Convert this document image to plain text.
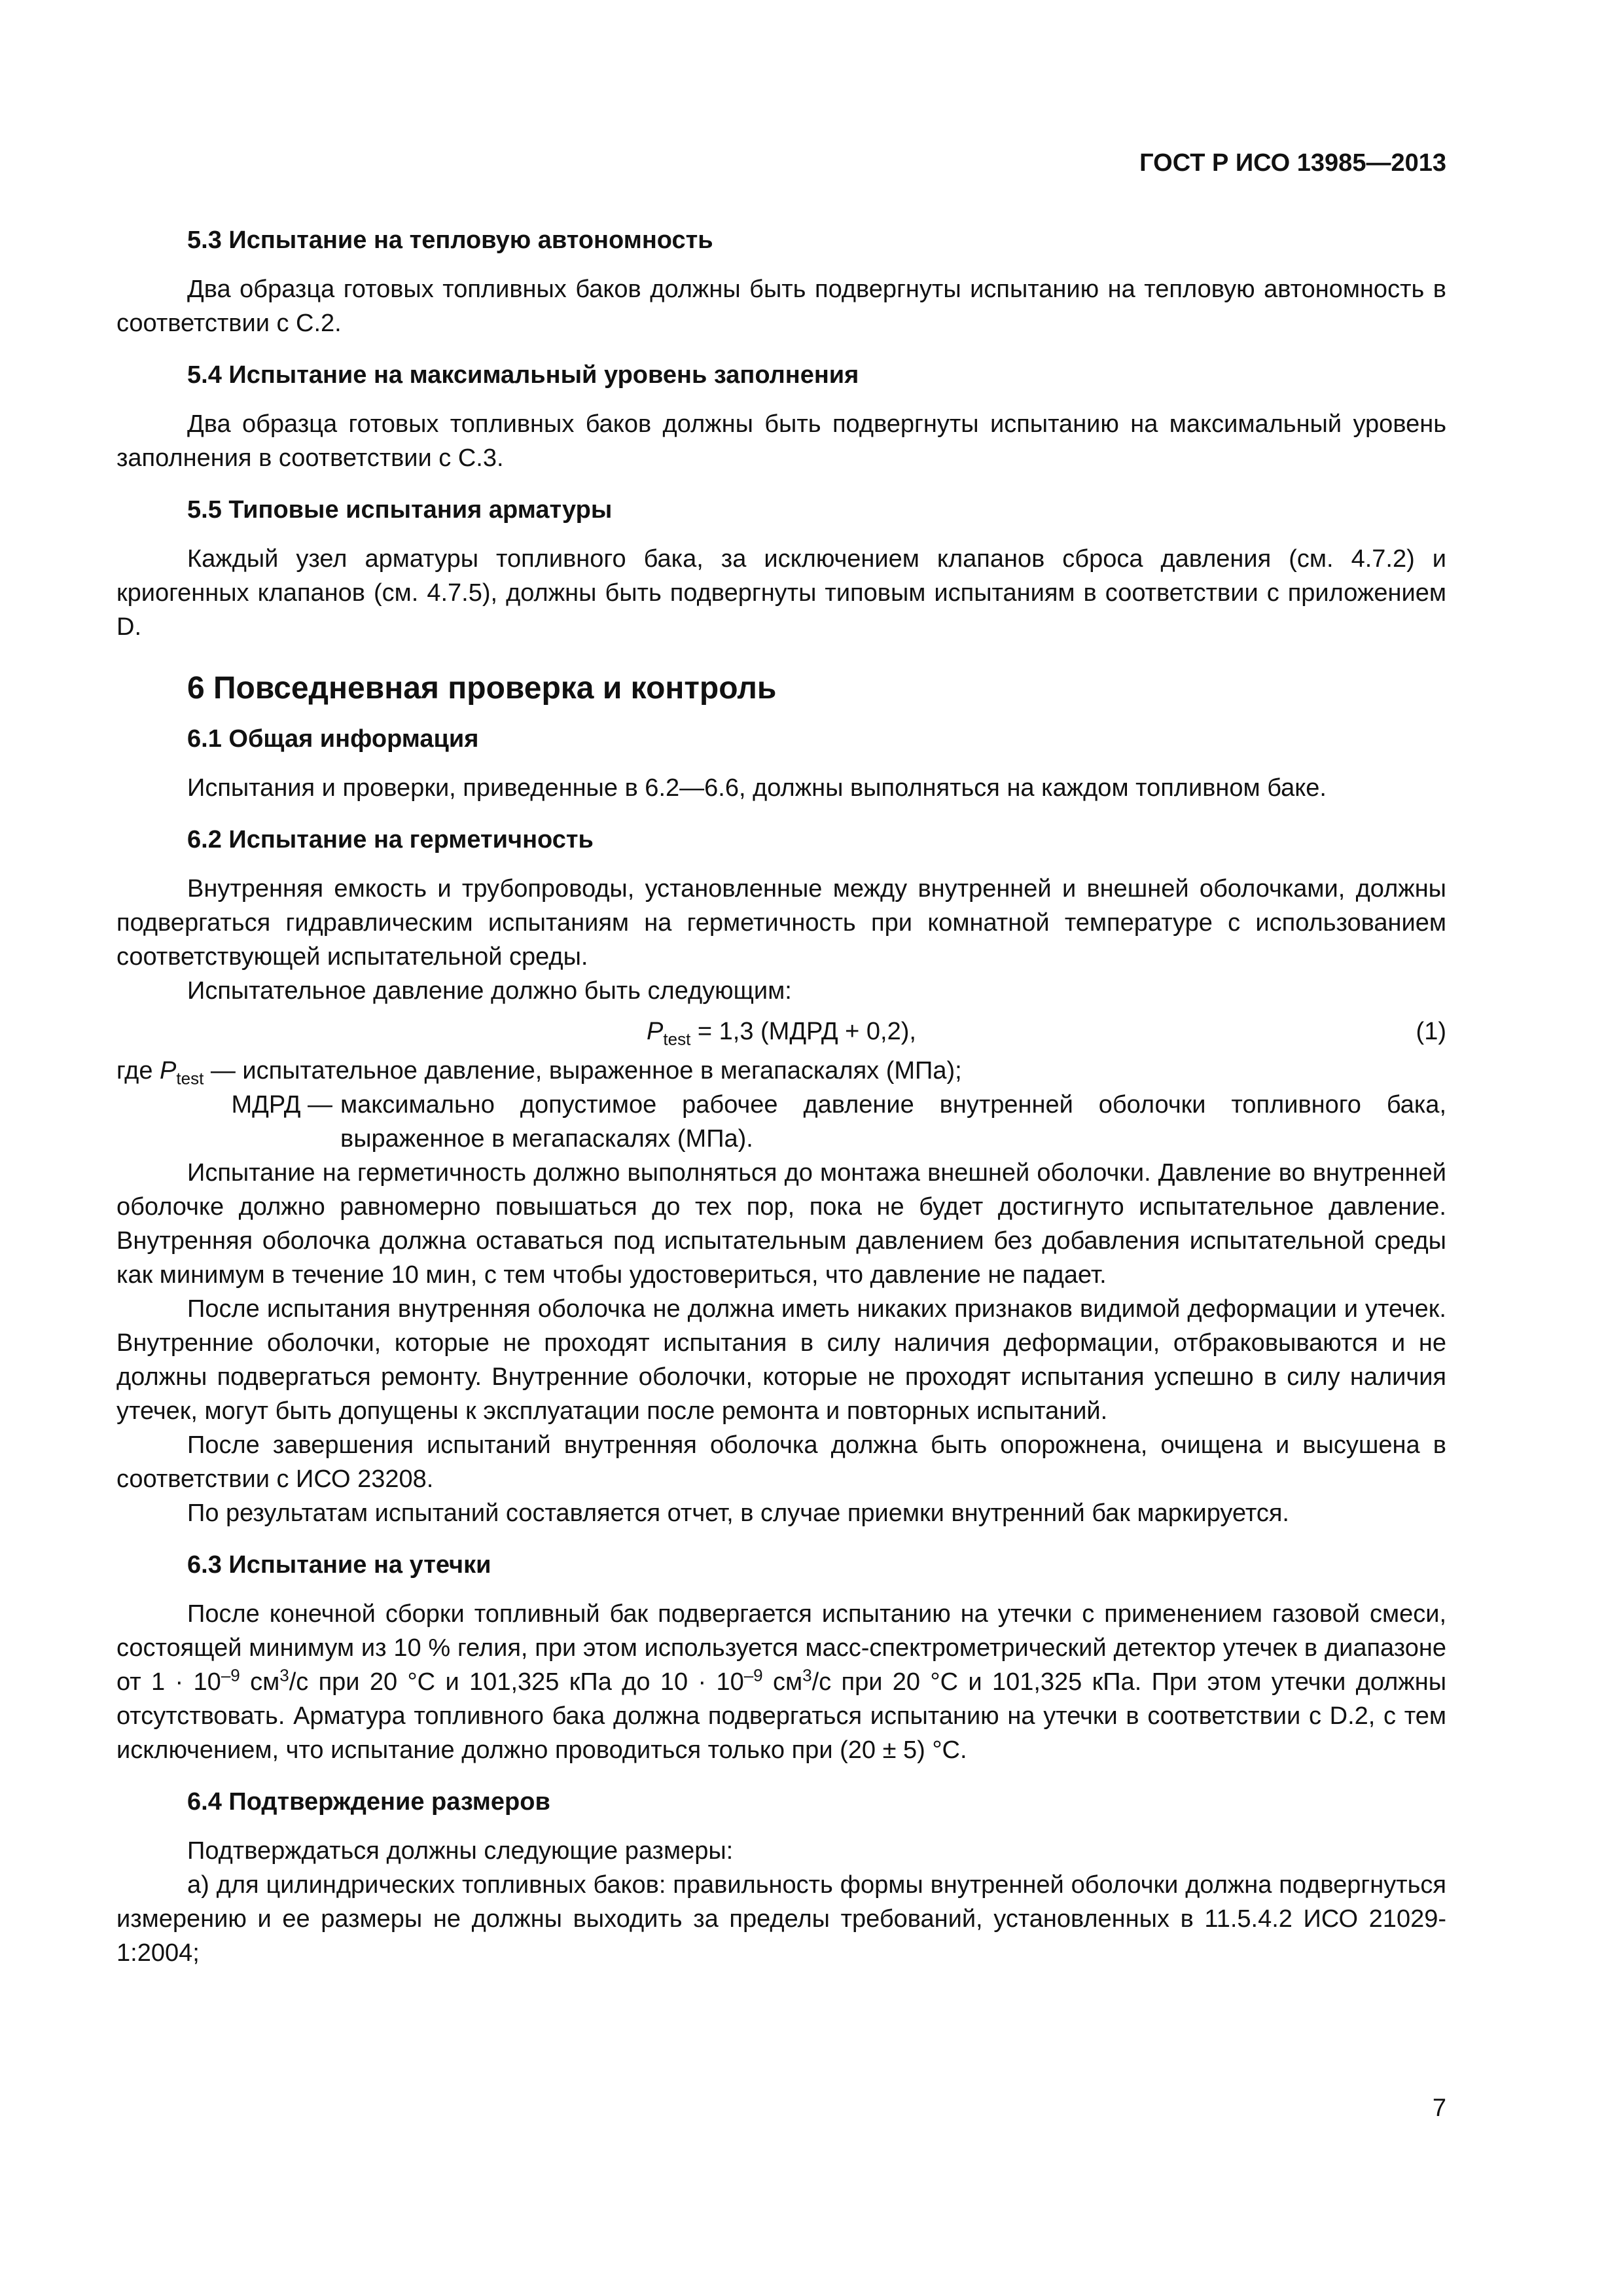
ГОСТ Р ИСО 13985—2013
5.3 Испытание на тепловую автономность
Два образца готовых топливных баков должны быть подвергнуты испытанию на тепловую автономность в соответствии с С.2.
5.4 Испытание на максимальный уровень заполнения
Два образца готовых топливных баков должны быть подвергнуты испытанию на максимальный уровень заполнения в соответствии с С.3.
5.5 Типовые испытания арматуры
Каждый узел арматуры топливного бака, за исключением клапанов сброса давления (см. 4.7.2) и криогенных клапанов (см. 4.7.5), должны быть подвергнуты типовым испытаниям в соответствии с приложением D.
6 Повседневная проверка и контроль
6.1 Общая информация
Испытания и проверки, приведенные в 6.2—6.6, должны выполняться на каждом топливном баке.
6.2 Испытание на герметичность
Внутренняя емкость и трубопроводы, установленные между внутренней и внешней оболочками, должны подвергаться гидравлическим испытаниям на герметичность при комнатной температуре с использованием соответствующей испытательной среды.
Испытательное давление должно быть следующим:
$P_{test} = 1,3$ (МДРД + 0,2),	(1)
где $P_{test}$ — испытательное давление, выраженное в мегапаскалях (МПа);
МДРД — максимально допустимое рабочее давление внутренней оболочки топливного бака, выраженное в мегапаскалях (МПа).
Испытание на герметичность должно выполняться до монтажа внешней оболочки. Давление во внутренней оболочке должно равномерно повышаться до тех пор, пока не будет достигнуто испытательное давление. Внутренняя оболочка должна оставаться под испытательным давлением без добавления испытательной среды как минимум в течение 10 мин, с тем чтобы удостовериться, что давление не падает.
После испытания внутренняя оболочка не должна иметь никаких признаков видимой деформации и утечек. Внутренние оболочки, которые не проходят испытания в силу наличия деформации, отбраковываются и не должны подвергаться ремонту. Внутренние оболочки, которые не проходят испытания успешно в силу наличия утечек, могут быть допущены к эксплуатации после ремонта и повторных испытаний.
После завершения испытаний внутренняя оболочка должна быть опорожнена, очищена и высушена в соответствии с ИСО 23208.
По результатам испытаний составляется отчет, в случае приемки внутренний бак маркируется.
6.3 Испытание на утечки
После конечной сборки топливный бак подвергается испытанию на утечки с применением газовой смеси, состоящей минимум из 10 % гелия, при этом используется масс-спектрометрический детектор утечек в диапазоне от $1 \cdot 10^{-9}$ $см^3/с$ при 20 °С и 101,325 кПа до $10 \cdot 10^{-9}$ $см^3/с$ при 20 °С и 101,325 кПа. При этом утечки должны отсутствовать. Арматура топливного бака должна подвергаться испытанию на утечки в соответствии с D.2, с тем исключением, что испытание должно проводиться только при (20 ± 5) °С.
6.4 Подтверждение размеров
Подтверждаться должны следующие размеры:
а) для цилиндрических топливных баков: правильность формы внутренней оболочки должна подвергнуться измерению и ее размеры не должны выходить за пределы требований, установленных в 11.5.4.2 ИСО 21029-1:2004;
7
